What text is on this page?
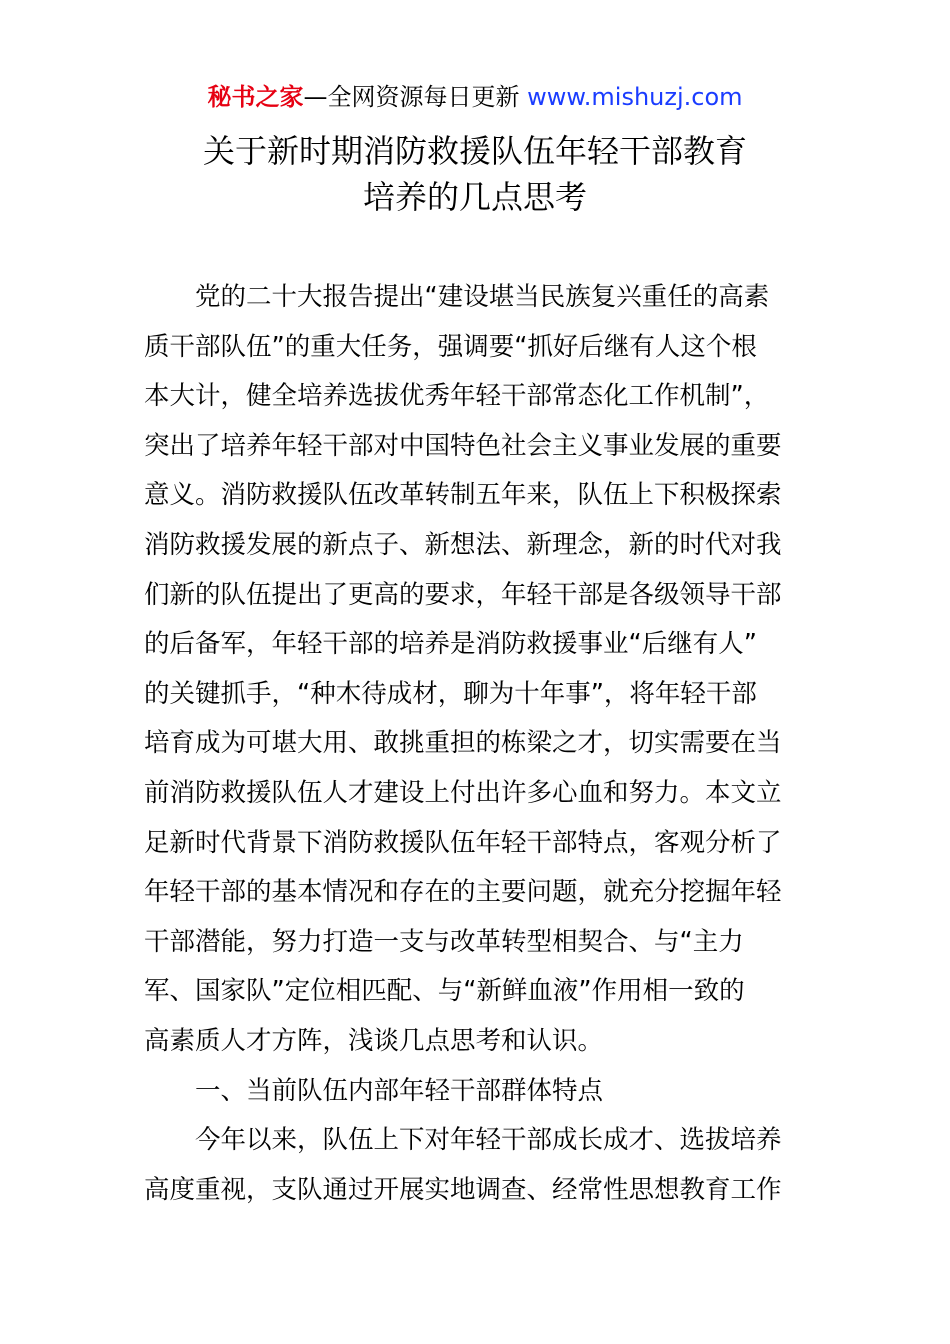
秘书之家—全网资源每日更新 www.mishuzj.com
关于新时期消防救援队伍年轻干部教育
培养的几点思考
党的二十大报告提出“建设堪当民族复兴重任的高素
质干部队伍”的重大任务，强调要“抓好后继有人这个根
本大计，健全培养选拔优秀年轻干部常态化工作机制”，
突出了培养年轻干部对中国特色社会主义事业发展的重要
意义。消防救援队伍改革转制五年来，队伍上下积极探索
消防救援发展的新点子、新想法、新理念，新的时代对我
们新的队伍提出了更高的要求，年轻干部是各级领导干部
的后备军，年轻干部的培养是消防救援事业“后继有人”
的关键抓手，“种木待成材，聊为十年事”，将年轻干部
培育成为可堪大用、敢挑重担的栋梁之才，切实需要在当
前消防救援队伍人才建设上付出许多心血和努力。本文立
足新时代背景下消防救援队伍年轻干部特点，客观分析了
年轻干部的基本情况和存在的主要问题，就充分挖掘年轻
干部潜能，努力打造一支与改革转型相契合、与“主力
军、国家队”定位相匹配、与“新鲜血液”作用相一致的
高素质人才方阵，浅谈几点思考和认识。
一、当前队伍内部年轻干部群体特点
今年以来，队伍上下对年轻干部成长成才、选拔培养
高度重视，支队通过开展实地调查、经常性思想教育工作
